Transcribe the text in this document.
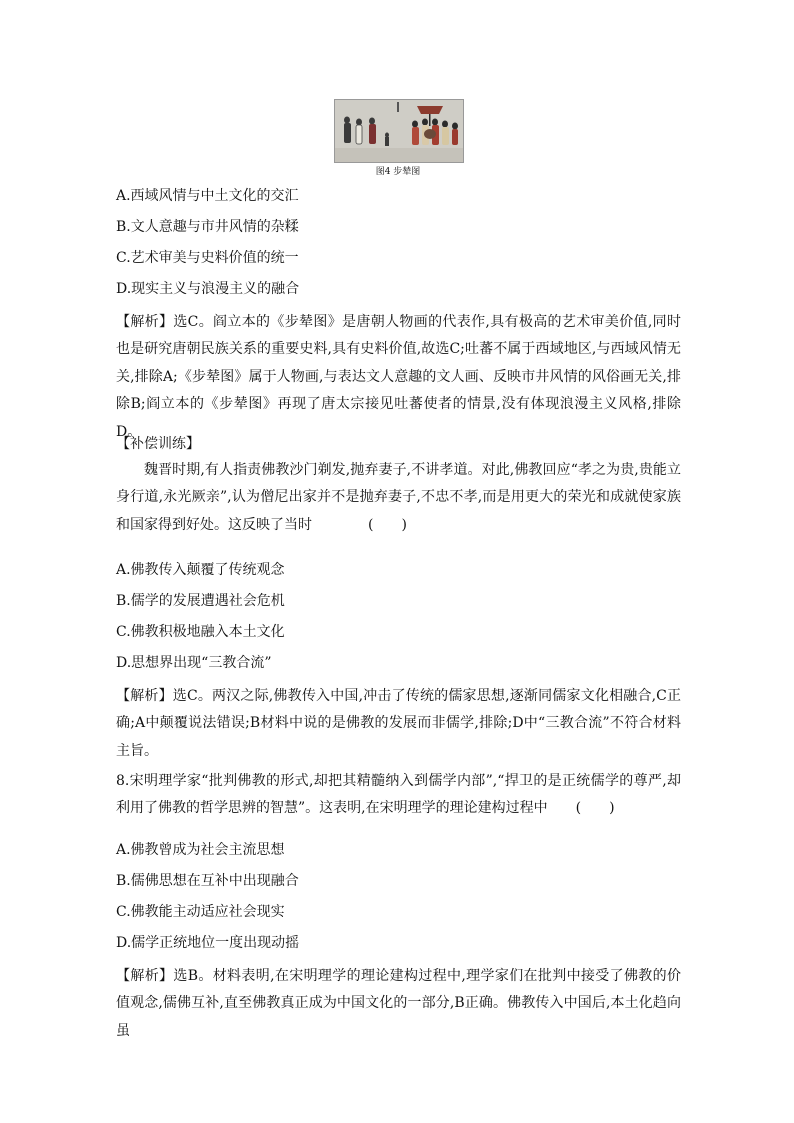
图4 步辇图
A.西域风情与中土文化的交汇
B.文人意趣与市井风情的杂糅
C.艺术审美与史料价值的统一
D.现实主义与浪漫主义的融合
【解析】选C。阎立本的《步辇图》是唐朝人物画的代表作,具有极高的艺术审美价值,同时也是研究唐朝民族关系的重要史料,具有史料价值,故选C;吐蕃不属于西域地区,与西域风情无关,排除A;《步辇图》属于人物画,与表达文人意趣的文人画、反映市井风情的风俗画无关,排除B;阎立本的《步辇图》再现了唐太宗接见吐蕃使者的情景,没有体现浪漫主义风格,排除D。
【补偿训练】
魏晋时期,有人指责佛教沙门剃发,抛弃妻子,不讲孝道。对此,佛教回应“孝之为贵,贵能立身行道,永光厥亲”,认为僧尼出家并不是抛弃妻子,不忠不孝,而是用更大的荣光和成就使家族和国家得到好处。这反映了当时	(　　)
A.佛教传入颠覆了传统观念
B.儒学的发展遭遇社会危机
C.佛教积极地融入本土文化
D.思想界出现“三教合流”
【解析】选C。两汉之际,佛教传入中国,冲击了传统的儒家思想,逐渐同儒家文化相融合,C正确;A中颠覆说法错误;B材料中说的是佛教的发展而非儒学,排除;D中“三教合流”不符合材料主旨。
8.宋明理学家“批判佛教的形式,却把其精髓纳入到儒学内部”,“捍卫的是正统儒学的尊严,却利用了佛教的哲学思辨的智慧”。这表明,在宋明理学的理论建构过程中 (　　)
A.佛教曾成为社会主流思想
B.儒佛思想在互补中出现融合
C.佛教能主动适应社会现实
D.儒学正统地位一度出现动摇
【解析】选B。材料表明,在宋明理学的理论建构过程中,理学家们在批判中接受了佛教的价值观念,儒佛互补,直至佛教真正成为中国文化的一部分,B正确。佛教传入中国后,本土化趋向虽
